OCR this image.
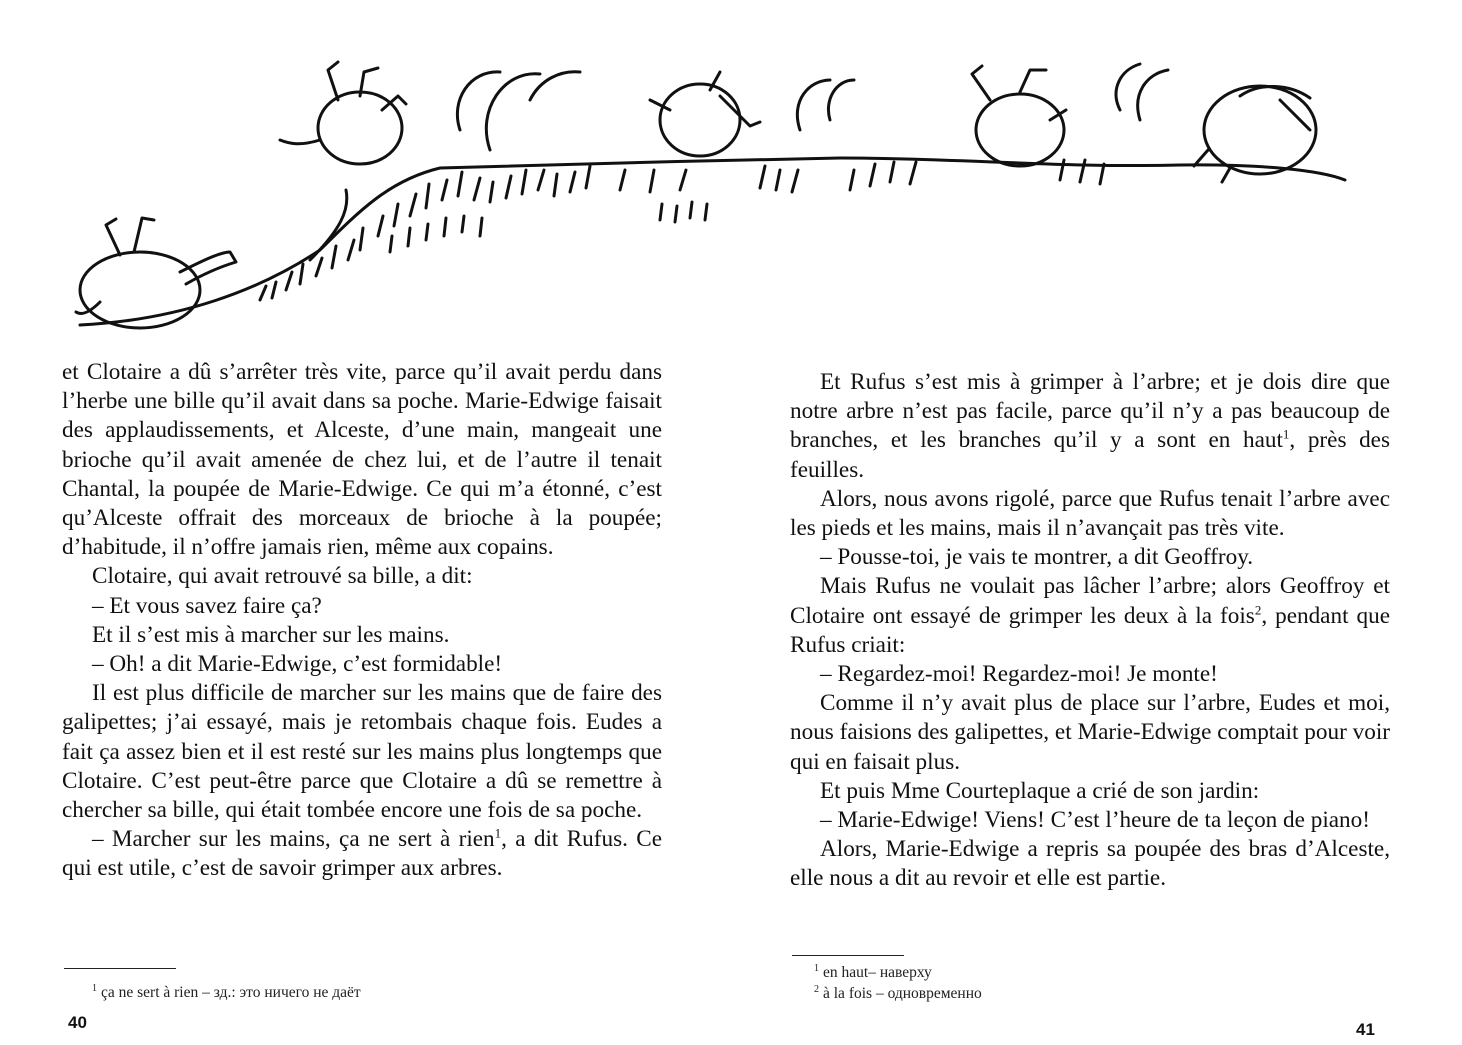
et Clotaire a dû s’arrêter très vite, parce qu’il avait perdu dans l’herbe une bille qu’il avait dans sa poche. Marie-Edwige faisait des applaudissements, et Alceste, d’une main, mangeait une brioche qu’il avait amenée de chez lui, et de l’autre il tenait Chantal, la poupée de Marie-Edwige. Ce qui m’a étonné, c’est qu’Alceste offrait des morceaux de brioche à la poupée; d’habitude, il n’offre jamais rien, même aux copains.

Clotaire, qui avait retrouvé sa bille, a dit:

– Et vous savez faire ça?

Et il s’est mis à marcher sur les mains.

– Oh! a dit Marie-Edwige, c’est formidable!

Il est plus difficile de marcher sur les mains que de faire des galipettes; j’ai essayé, mais je retombais chaque fois. Eudes a fait ça assez bien et il est resté sur les mains plus longtemps que Clotaire. C’est peut-être parce que Clotaire a dû se remettre à chercher sa bille, qui était tombée encore une fois de sa poche.

– Marcher sur les mains, ça ne sert à rien$^1$, a dit Rufus. Ce qui est utile, c’est de savoir grimper aux arbres.

$^1$ ça ne sert à rien – зд.: это ничего не даёт
40

Et Rufus s’est mis à grimper à l’arbre; et je dois dire que notre arbre n’est pas facile, parce qu’il n’y a pas beaucoup de branches, et les branches qu’il y a sont en haut$^1$, près des feuilles.

Alors, nous avons rigolé, parce que Rufus tenait l’arbre avec les pieds et les mains, mais il n’avançait pas très vite.

– Pousse-toi, je vais te montrer, a dit Geoffroy.

Mais Rufus ne voulait pas lâcher l’arbre; alors Geoffroy et Clotaire ont essayé de grimper les deux à la fois$^2$, pendant que Rufus criait:

– Regardez-moi! Regardez-moi! Je monte!

Comme il n’y avait plus de place sur l’arbre, Eudes et moi, nous faisions des galipettes, et Marie-Edwige comptait pour voir qui en faisait plus.

Et puis Mme Courteplaque a crié de son jardin:

– Marie-Edwige! Viens! C’est l’heure de ta leçon de piano!

Alors, Marie-Edwige a repris sa poupée des bras d’Alceste, elle nous a dit au revoir et elle est partie.

$^1$ en haut– наверху
$^2$ à la fois – одновременно
41
